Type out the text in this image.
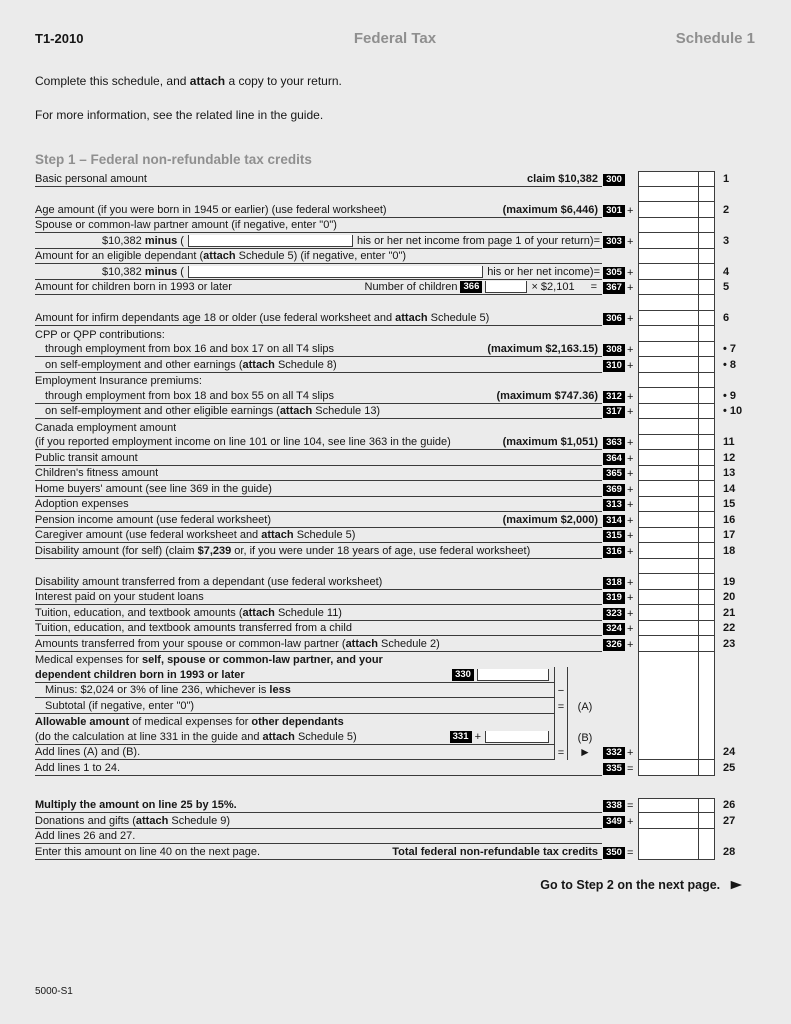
T1-2010	Federal Tax	Schedule 1

Complete this schedule, and attach a copy to your return.

For more information, see the related line in the guide.

Step 1 – Federal non-refundable tax credits
Basic personal amount	claim $10,382 300	1
Age amount (if you were born in 1945 or earlier) (use federal worksheet)	(maximum $6,446) 301 +	2
Spouse or common-law partner amount (if negative, enter "0")
$10,382 minus (	his or her net income from page 1 of your return)= 303 +	3
Amount for an eligible dependant (attach Schedule 5) (if negative, enter "0")
$10,382 minus (	his or her net income)= 305 +	4
Amount for children born in 1993 or later	Number of children 366	× $2,101 = 367 +	5
Amount for infirm dependants age 18 or older (use federal worksheet and attach Schedule 5)	306 +	6
CPP or QPP contributions:
through employment from box 16 and box 17 on all T4 slips	(maximum $2,163.15) 308 +	• 7
on self-employment and other earnings (attach Schedule 8)	310 +	• 8
Employment Insurance premiums:
through employment from box 18 and box 55 on all T4 slips	(maximum $747.36) 312 +	• 9
on self-employment and other eligible earnings (attach Schedule 13)	317 +	• 10
Canada employment amount
(if you reported employment income on line 101 or line 104, see line 363 in the guide)	(maximum $1,051) 363 +	11
Public transit amount	364 +	12
Children's fitness amount	365 +	13
Home buyers' amount (see line 369 in the guide)	369 +	14
Adoption expenses	313 +	15
Pension income amount (use federal worksheet)	(maximum $2,000) 314 +	16
Caregiver amount (use federal worksheet and attach Schedule 5)	315 +	17
Disability amount (for self) (claim $7,239 or, if you were under 18 years of age, use federal worksheet)	316 +	18
Disability amount transferred from a dependant (use federal worksheet)	318 +	19
Interest paid on your student loans	319 +	20
Tuition, education, and textbook amounts (attach Schedule 11)	323 +	21
Tuition, education, and textbook amounts transferred from a child	324 +	22
Amounts transferred from your spouse or common-law partner (attach Schedule 2)	326 +	23
Medical expenses for self, spouse or common-law partner, and your
dependent children born in 1993 or later	330
Minus: $2,024 or 3% of line 236, whichever is less	−
Subtotal (if negative, enter "0")	=	(A)
Allowable amount of medical expenses for other dependants
(do the calculation at line 331 in the guide and attach Schedule 5)	331 +	(B)
Add lines (A) and (B).	=	►	332 +	24
Add lines 1 to 24.	335 =	25
Multiply the amount on line 25 by 15%.	338 =	26
Donations and gifts (attach Schedule 9)	349 +	27
Add lines 26 and 27.
Enter this amount on line 40 on the next page.	Total federal non-refundable tax credits 350 =	28
Go to Step 2 on the next page. ►
5000-S1
